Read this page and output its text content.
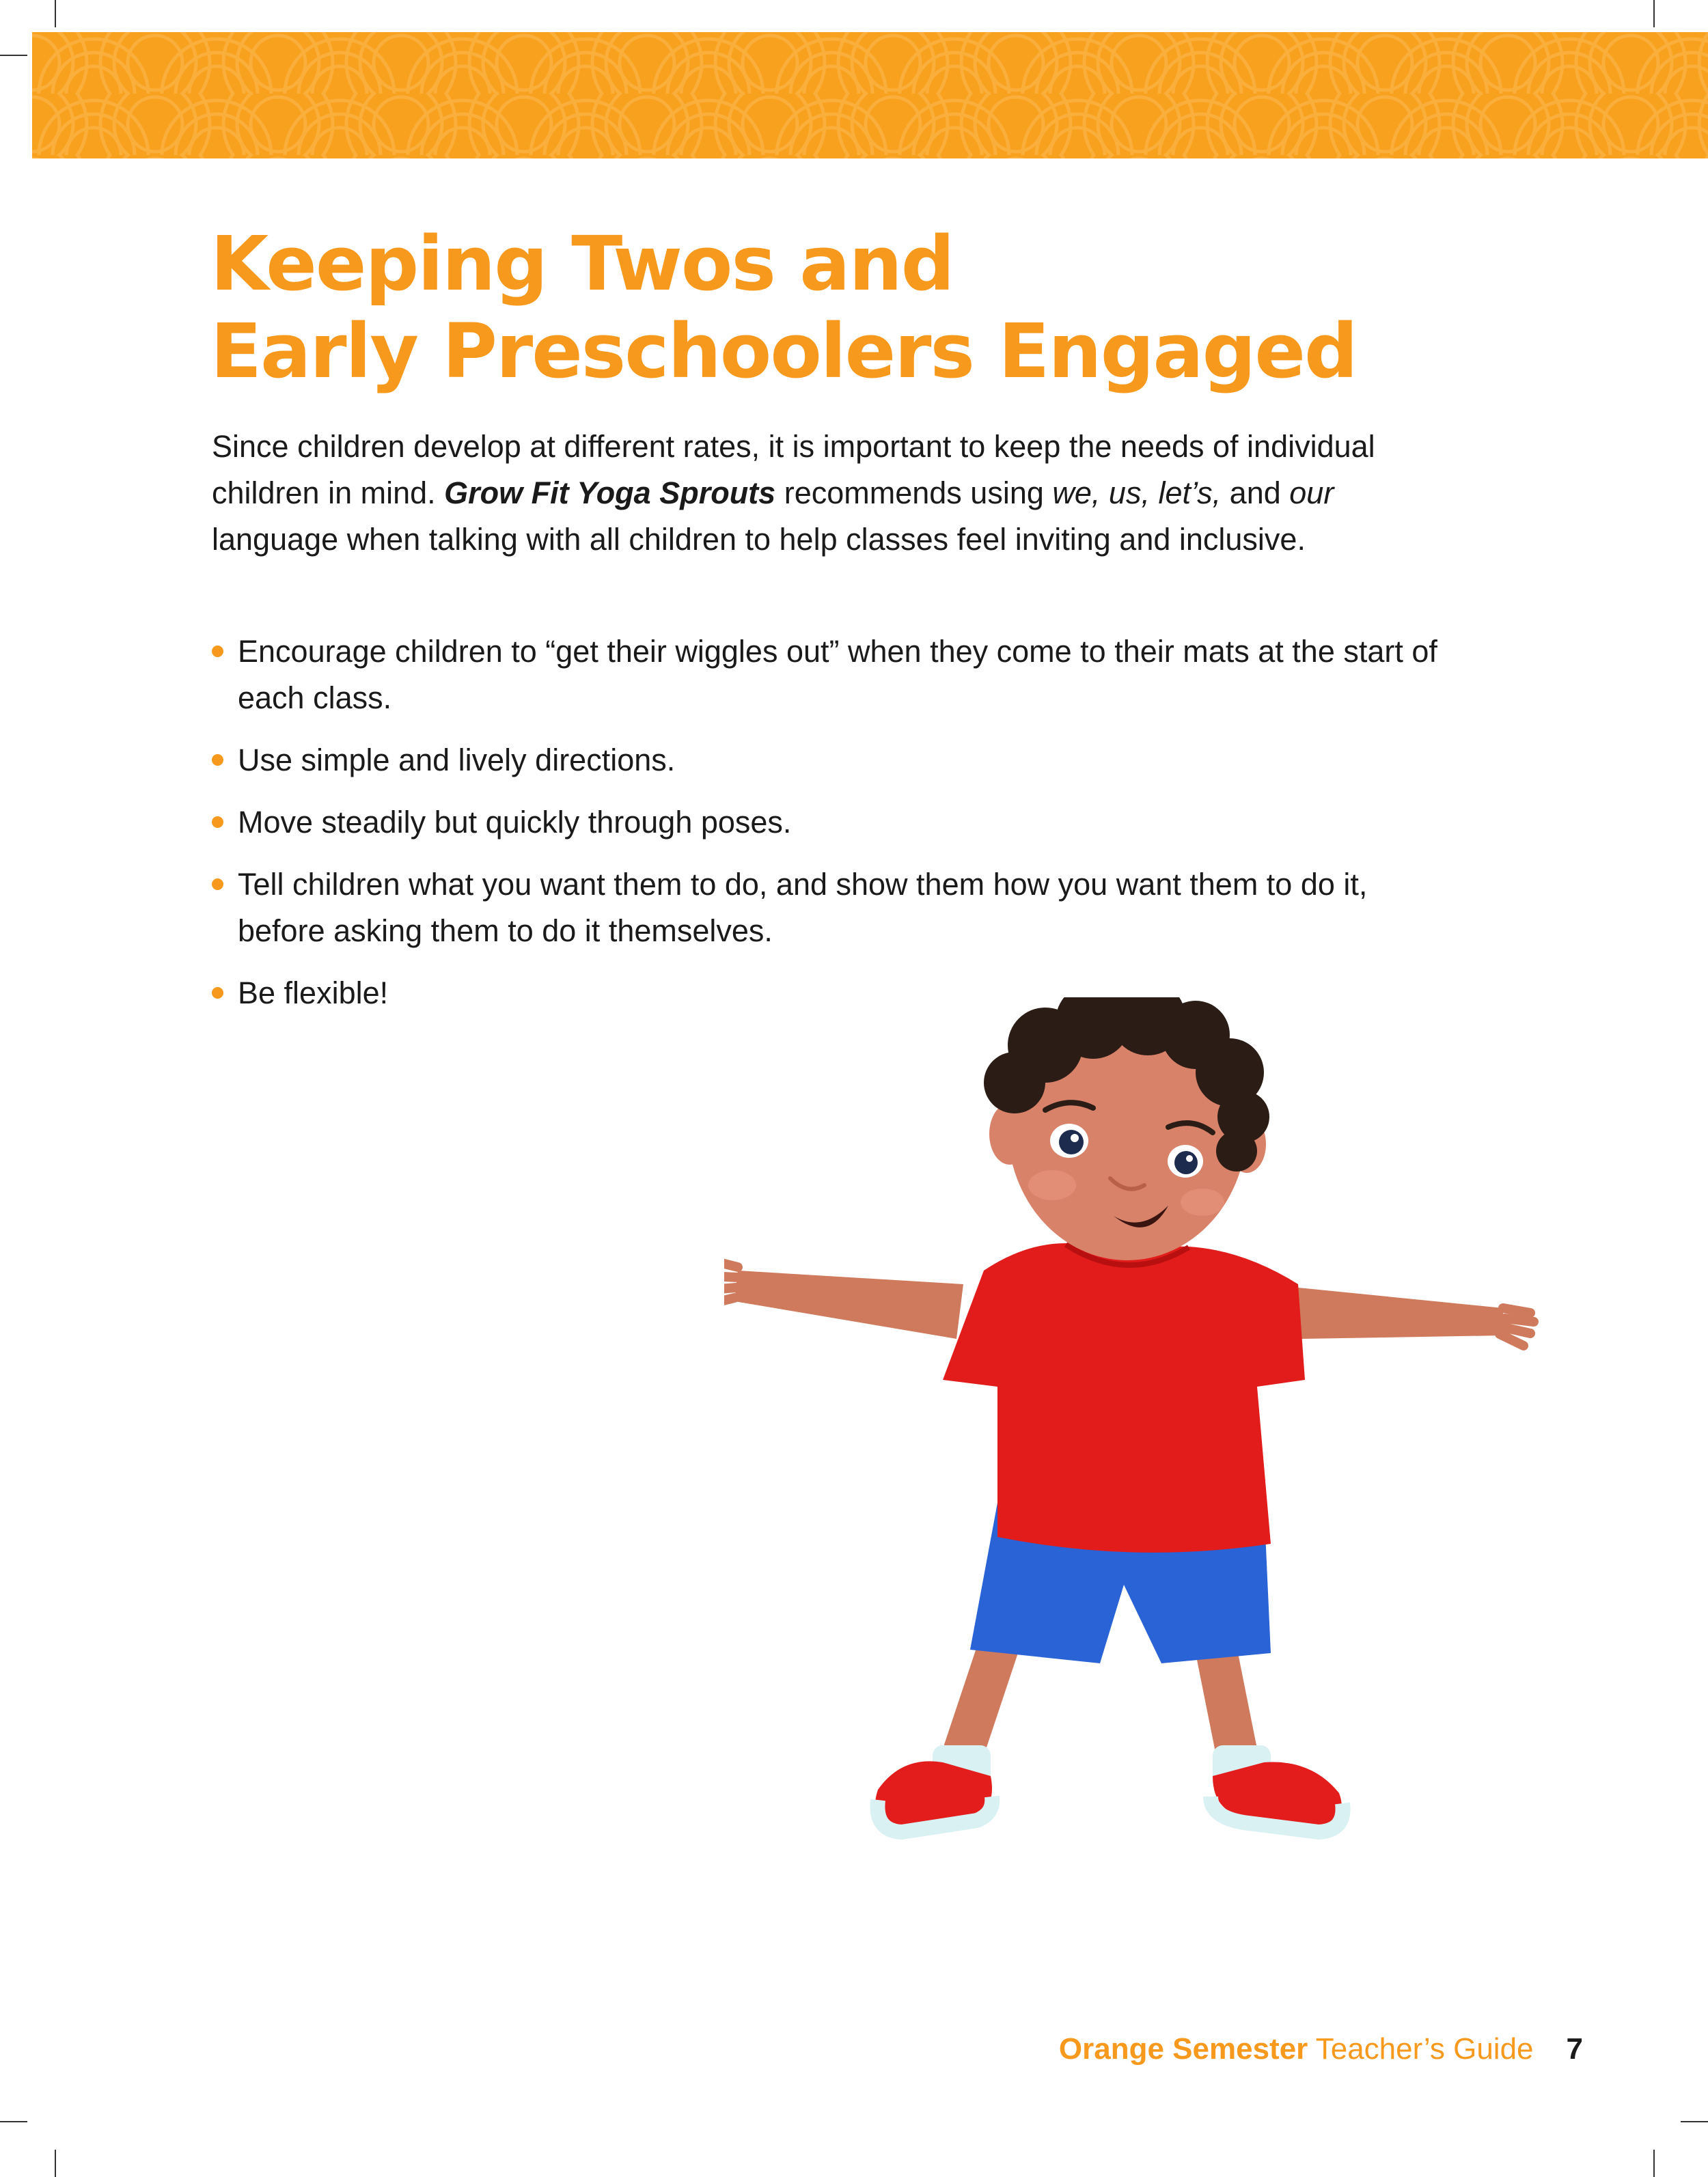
Keeping Twos and
Early Preschoolers Engaged

Since children develop at different rates, it is important to keep the needs of individual children in mind. Grow Fit Yoga Sprouts recommends using we, us, let’s, and our language when talking with all children to help classes feel inviting and inclusive.

Encourage children to “get their wiggles out” when they come to their mats at the start of each class.
Use simple and lively directions.
Move steadily but quickly through poses.
Tell children what you want them to do, and show them how you want them to do it, before asking them to do it themselves.
Be flexible!
Orange Semester Teacher’s Guide 7
